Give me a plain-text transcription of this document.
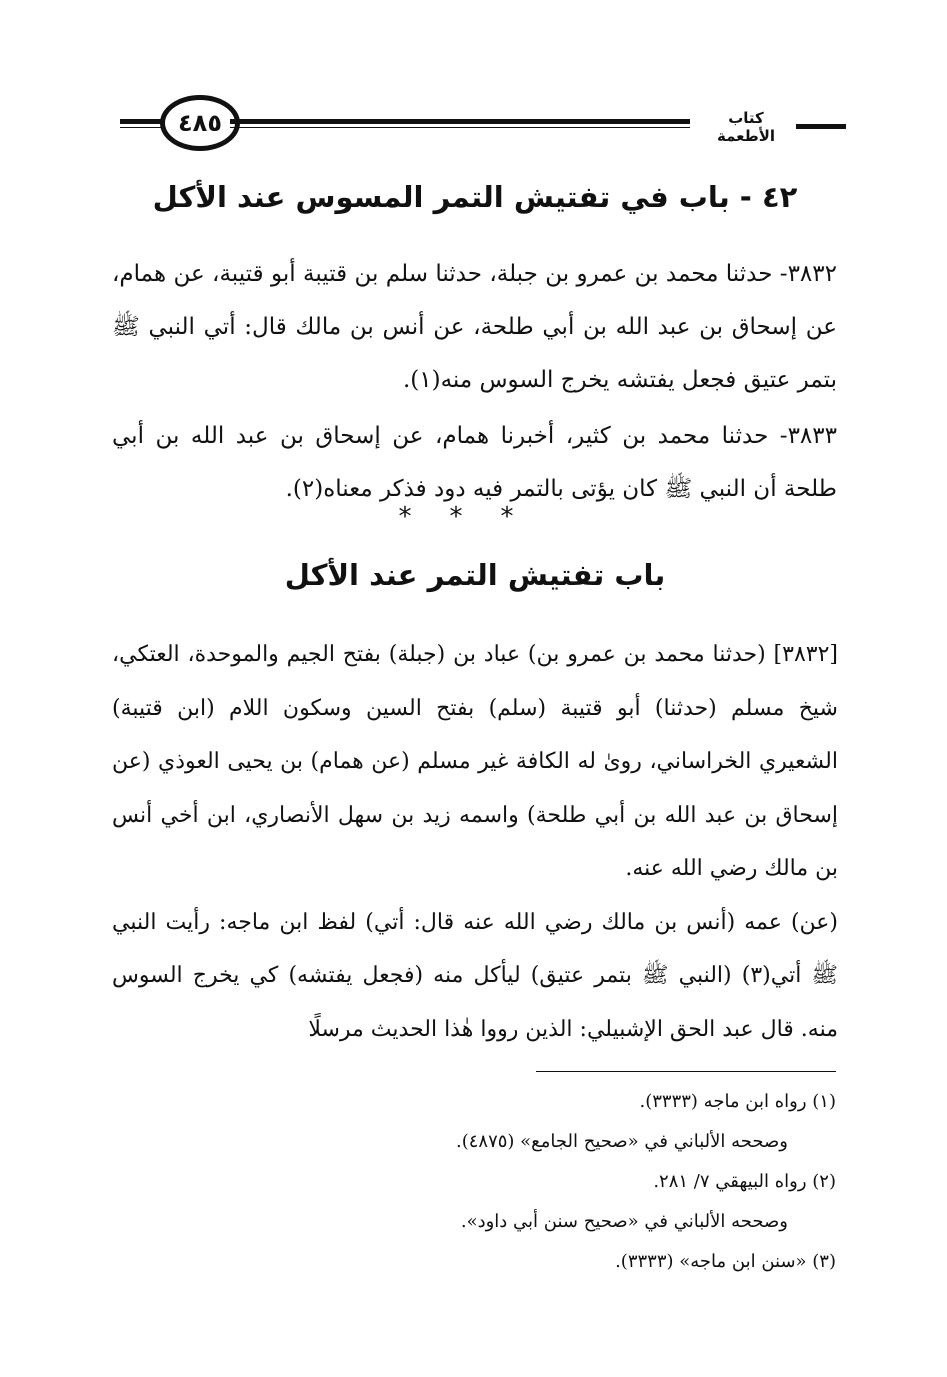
٤٨٥	كتاب الأطعمة
٤٢ - باب في تفتيش التمر المسوس عند الأكل
٣٨٣٢- حدثنا محمد بن عمرو بن جبلة، حدثنا سلم بن قتيبة أبو قتيبة، عن همام، عن إسحاق بن عبد الله بن أبي طلحة، عن أنس بن مالك قال: أتي النبي ﷺ بتمر عتيق فجعل يفتشه يخرج السوس منه(١).
٣٨٣٣- حدثنا محمد بن كثير، أخبرنا همام، عن إسحاق بن عبد الله بن أبي طلحة أن النبي ﷺ كان يؤتى بالتمر فيه دود فذكر معناه(٢).
***
باب تفتيش التمر عند الأكل

[٣٨٣٢] (حدثنا محمد بن عمرو بن) عباد بن (جبلة) بفتح الجيم والموحدة، العتكي، شيخ مسلم (حدثنا) أبو قتيبة (سلم) بفتح السين وسكون اللام (ابن قتيبة) الشعيري الخراساني، روىٰ له الكافة غير مسلم (عن همام) بن يحيى العوذي (عن إسحاق بن عبد الله بن أبي طلحة) واسمه زيد بن سهل الأنصاري، ابن أخي أنس بن مالك رضي الله عنه.

(عن) عمه (أنس بن مالك رضي الله عنه قال: أتي) لفظ ابن ماجه: رأيت النبي ﷺ أتي(٣) (النبي ﷺ بتمر عتيق) ليأكل منه (فجعل يفتشه) كي يخرج السوس منه. قال عبد الحق الإشبيلي: الذين رووا هٰذا الحديث مرسلًا

(١) رواه ابن ماجه (٣٣٣٣).

وصححه الألباني في «صحيح الجامع» (٤٨٧٥).

(٢) رواه البيهقي ٧/ ٢٨١.

وصححه الألباني في «صحيح سنن أبي داود».

(٣) «سنن ابن ماجه» (٣٣٣٣).
